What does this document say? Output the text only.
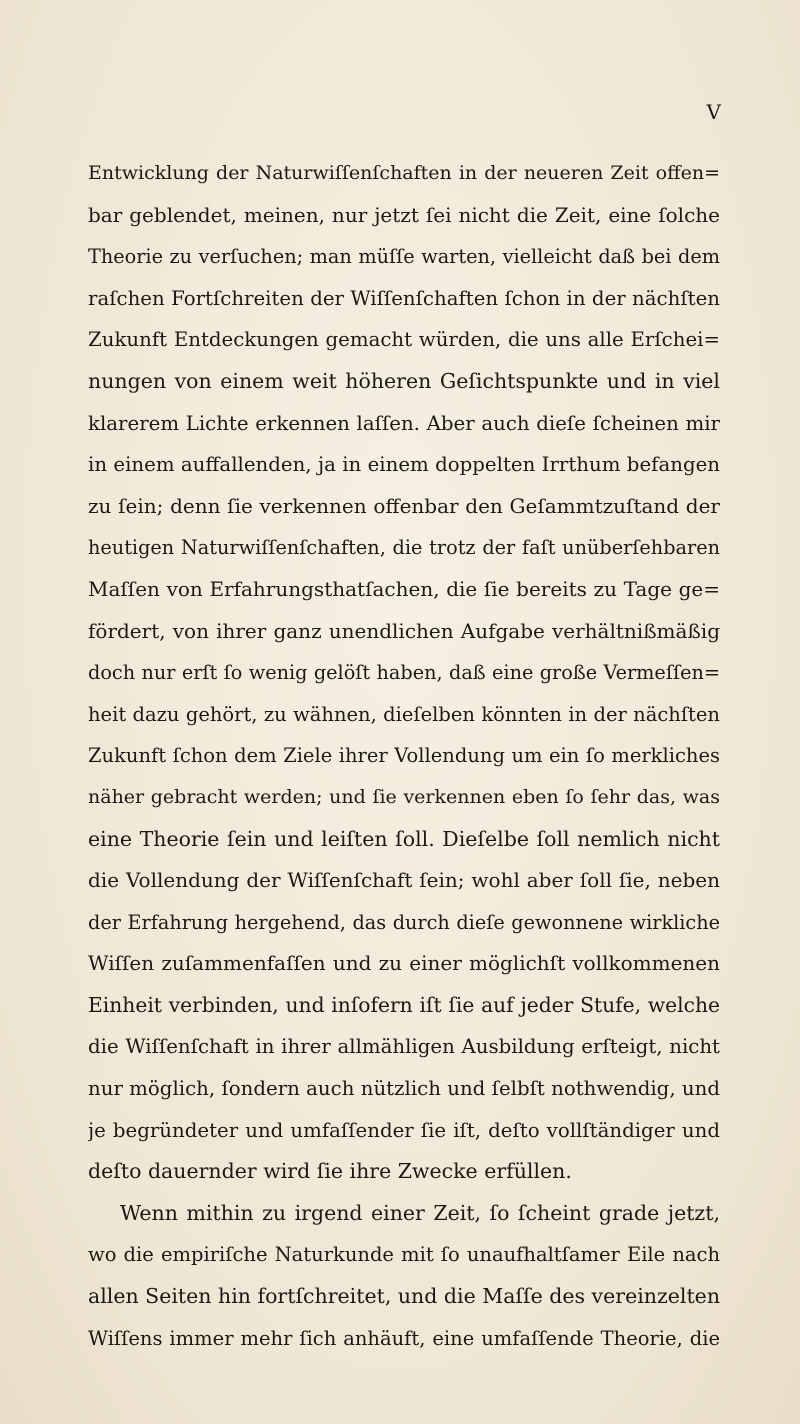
V
Entwicklung der Naturwiſſenſchaften in der neueren Zeit offen=
bar geblendet, meinen, nur jetzt ſei nicht die Zeit, eine ſolche
Theorie zu verſuchen; man müſſe warten, vielleicht daß bei dem
raſchen Fortſchreiten der Wiſſenſchaften ſchon in der nächſten
Zukunft Entdeckungen gemacht würden, die uns alle Erſchei=
nungen von einem weit höheren Geſichtspunkte und in viel
klarerem Lichte erkennen laſſen. Aber auch dieſe ſcheinen mir
in einem auffallenden, ja in einem doppelten Irrthum befangen
zu ſein; denn ſie verkennen offenbar den Geſammtzuſtand der
heutigen Naturwiſſenſchaften, die trotz der faſt unüberſehbaren
Maſſen von Erfahrungsthatſachen, die ſie bereits zu Tage ge=
fördert, von ihrer ganz unendlichen Aufgabe verhältnißmäßig
doch nur erſt ſo wenig gelöſt haben, daß eine große Vermeſſen=
heit dazu gehört, zu wähnen, dieſelben könnten in der nächſten
Zukunft ſchon dem Ziele ihrer Vollendung um ein ſo merkliches
näher gebracht werden; und ſie verkennen eben ſo ſehr das, was
eine Theorie ſein und leiſten ſoll. Dieſelbe ſoll nemlich nicht
die Vollendung der Wiſſenſchaft ſein; wohl aber ſoll ſie, neben
der Erfahrung hergehend, das durch dieſe gewonnene wirkliche
Wiſſen zuſammenfaſſen und zu einer möglichſt vollkommenen
Einheit verbinden, und inſofern iſt ſie auf jeder Stufe, welche
die Wiſſenſchaft in ihrer allmähligen Ausbildung erſteigt, nicht
nur möglich, ſondern auch nützlich und ſelbſt nothwendig, und
je begründeter und umfaſſender ſie iſt, deſto vollſtändiger und
deſto dauernder wird ſie ihre Zwecke erfüllen.
Wenn mithin zu irgend einer Zeit, ſo ſcheint grade jetzt,
wo die empiriſche Naturkunde mit ſo unaufhaltſamer Eile nach
allen Seiten hin fortſchreitet, und die Maſſe des vereinzelten
Wiſſens immer mehr ſich anhäuft, eine umfaſſende Theorie, die
